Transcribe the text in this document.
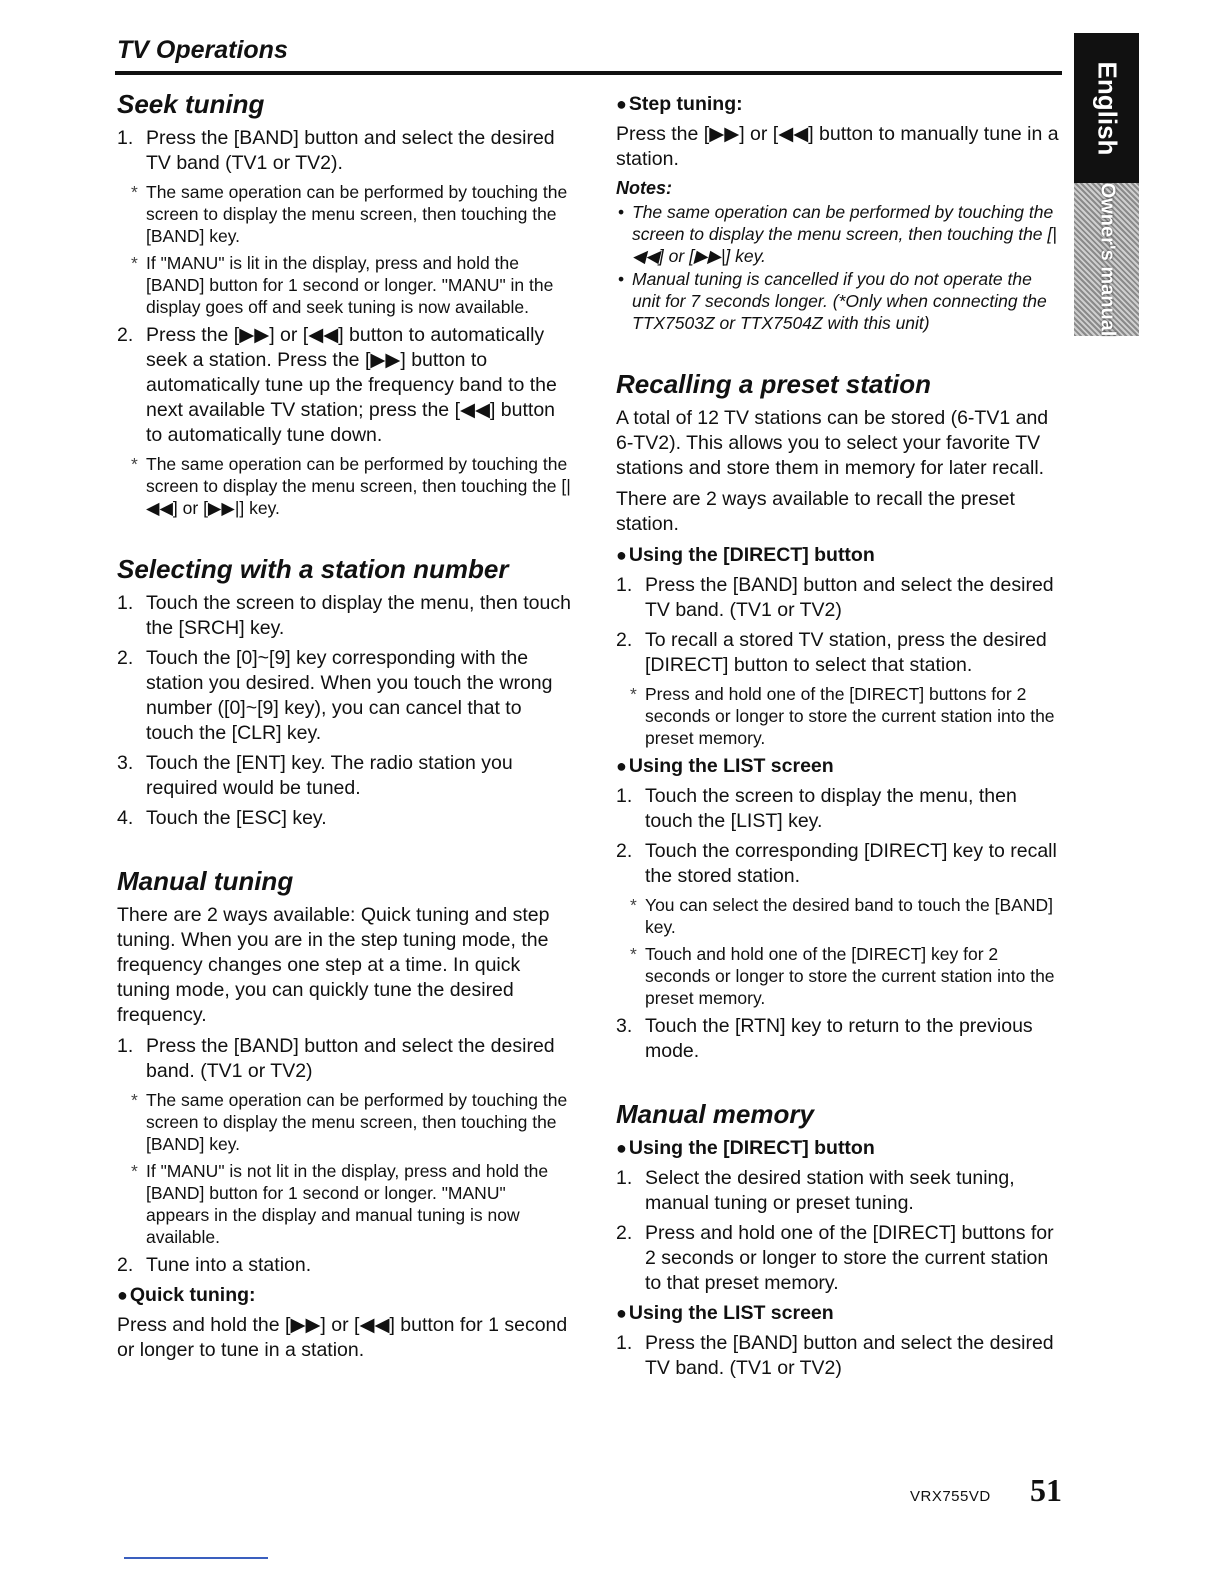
TV Operations
English
Owner's manual
Seek tuning
1. Press the [BAND] button and select the desired TV band (TV1 or TV2).
* The same operation can be performed by touching the screen to display the menu screen, then touching the [BAND] key.
* If "MANU" is lit in the display, press and hold the [BAND] button for 1 second or longer. "MANU" in the display goes off and seek tuning is now available.
2. Press the [▶▶] or [◀◀] button to automatically seek a station. Press the [▶▶] button to automatically tune up the frequency band to the next available TV station; press the [◀◀] button to automatically tune down.
* The same operation can be performed by touching the screen to display the menu screen, then touching the [|◀◀] or [▶▶|] key.
Selecting with a station number
1. Touch the screen to display the menu, then touch the [SRCH] key.
2. Touch the [0]~[9] key corresponding with the station you desired. When you touch the wrong number ([0]~[9] key), you can cancel that to touch the [CLR] key.
3. Touch the [ENT] key. The radio station you required would be tuned.
4. Touch the [ESC] key.
Manual tuning

There are 2 ways available: Quick tuning and step tuning. When you are in the step tuning mode, the frequency changes one step at a time. In quick tuning mode, you can quickly tune the desired frequency.

1. Press the [BAND] button and select the desired band. (TV1 or TV2)
* The same operation can be performed by touching the screen to display the menu screen, then touching the [BAND] key.
* If "MANU" is not lit in the display, press and hold the [BAND] button for 1 second or longer. "MANU" appears in the display and manual tuning is now available.
2. Tune into a station.
● Quick tuning:

Press and hold the [▶▶] or [◀◀] button for 1 second or longer to tune in a station.

● Step tuning:

Press the [▶▶] or [◀◀] button to manually tune in a station.

Notes:
• The same operation can be performed by touching the screen to display the menu screen, then touching the [|◀◀] or [▶▶|] key.
• Manual tuning is cancelled if you do not operate the unit for 7 seconds longer. (*Only when connecting the TTX7503Z or TTX7504Z with this unit)
Recalling a preset station

A total of 12 TV stations can be stored (6-TV1 and 6-TV2). This allows you to select your favorite TV stations and store them in memory for later recall.

There are 2 ways available to recall the preset station.

● Using the [DIRECT] button
1. Press the [BAND] button and select the desired TV band. (TV1 or TV2)
2. To recall a stored TV station, press the desired [DIRECT] button to select that station.
* Press and hold one of the [DIRECT] buttons for 2 seconds or longer to store the current station into the preset memory.
● Using the LIST screen
1. Touch the screen to display the menu, then touch the [LIST] key.
2. Touch the corresponding [DIRECT] key to recall the stored station.
* You can select the desired band to touch the [BAND] key.
* Touch and hold one of the [DIRECT] key for 2 seconds or longer to store the current station into the preset memory.
3. Touch the [RTN] key to return to the previous mode.
Manual memory
● Using the [DIRECT] button
1. Select the desired station with seek tuning, manual tuning or preset tuning.
2. Press and hold one of the [DIRECT] buttons for 2 seconds or longer to store the current station to that preset memory.
● Using the LIST screen
1. Press the [BAND] button and select the desired TV band. (TV1 or TV2)
VRX755VD 51
